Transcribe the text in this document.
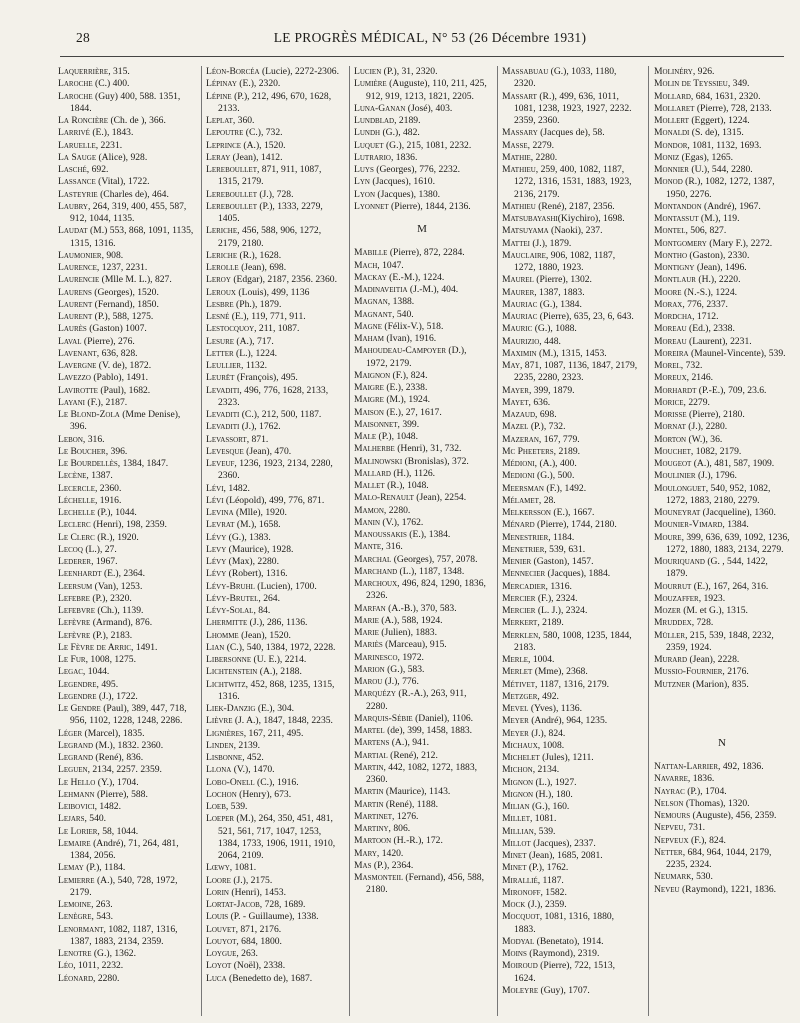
28	LE PROGRÈS MÉDICAL, N° 53 (26 Décembre 1931)

Laquerrière, 315.

Laroche (C.) 400.

Laroche (Guy) 400, 588. 1351, 1844.

La Roncière (Ch. de ), 366.

Larrivé (E.), 1843.

Laruelle, 2231.

La Sauge (Alice), 928.

Lasché, 692.

Lassance (Vital), 1722.

Lasteyrie (Charles de), 464.

Laubry, 264, 319, 400, 455, 587, 912, 1044, 1135.

Laudat (M.) 553, 868, 1091, 1135, 1315, 1316.

Laumonier, 908.

Laurence, 1237, 2231.

Laurencie (Mlle M. L.), 827.

Laurens (Georges), 1520.

Laurent (Fernand), 1850.

Laurent (P.), 588, 1275.

Laurès (Gaston) 1007.

Laval (Pierre), 276.

Lavenant, 636, 828.

Lavergne (V. de), 1872.

Lavezzo (Pablo), 1491.

Lavirotte (Paul), 1682.

Layani (F.), 2187.

Le Blond-Zola (Mme Denise), 396.

Lebon, 316.

Le Boucher, 396.

Le Bourdellès, 1384, 1847.

Lecène, 1387.

Lecercle, 2360.

Léchelle, 1916.

Lechelle (P.), 1044.

Leclerc (Henri), 198, 2359.

Le Clerc (R.), 1920.

Lecoq (L.), 27.

Lederer, 1967.

Leenhardt (E.), 2364.

Leersum (Van), 1253.

Lefebre (P.), 2320.

Lefebvre (Ch.), 1139.

Lefèvre (Armand), 876.

Lefèvre (P.), 2183.

Le Fèvre de Arric, 1491.

Le Fur, 1008, 1275.

Legac, 1044.

Legendre, 495.

Legendre (J.), 1722.

Le Gendre (Paul), 389, 447, 718, 956, 1102, 1228, 1248, 2286.

Léger (Marcel), 1835.

Legrand (M.), 1832. 2360.

Legrand (René), 836.

Leguen, 2134, 2257. 2359.

Le Hello (Y.), 1704.

Lehmann (Pierre), 588.

Leibovici, 1482.

Lejars, 540.

Le Lorier, 58, 1044.

Lemaire (André), 71, 264, 481, 1384, 2056.

Lemay (P.), 1184.

Lemierre (A.), 540, 728, 1972, 2179.

Lemoine, 263.

Lenègre, 543.

Lenormant, 1082, 1187, 1316, 1387, 1883, 2134, 2359.

Lenotre (G.), 1362.

Léo, 1011, 2232.

Léonard, 2280.

Léon-Borcéa (Lucie), 2272-2306.

Lépinay (E.), 2320.

Lépine (P.), 212, 496, 670, 1628, 2133.

Leplat, 360.

Lepoutre (C.), 732.

Leprince (A.), 1520.

Leray (Jean), 1412.

Lereboullet, 871, 911, 1087, 1315, 2179.

Lereboullet (J.), 728.

Lereboullet (P.), 1333, 2279, 1405.

Leriche, 456, 588, 906, 1272, 2179, 2180.

Leriche (R.), 1628.

Lerolle (Jean), 698.

Leroy (Edgar), 2187, 2356. 2360.

Leroux (Louis), 499, 1136

Lesbre (Ph.), 1879.

Lesné (E.), 119, 771, 911.

Lestocquoy, 211, 1087.

Lesure (A.), 717.

Letter (L.), 1224.

Leullier, 1132.

Leurët (François), 495.

Levaditi, 496, 776, 1628, 2133, 2323.

Levaditi (C.), 212, 500, 1187.

Levaditi (J.), 1762.

Levassort, 871.

Levesque (Jean), 470.

Leveuf, 1236, 1923, 2134, 2280, 2360.

Lévi, 1482.

Lévi (Léopold), 499, 776, 871.

Levina (Mlle), 1920.

Levrat (M.), 1658.

Lévy (G.), 1383.

Levy (Maurice), 1928.

Lévy (Max), 2280.

Lévy (Robert), 1316.

Lévy-Bruhl (Lucien), 1700.

Lévy-Brutel, 264.

Lévy-Solal, 84.

Lhermitte (J.), 286, 1136.

Lhomme (Jean), 1520.

Lian (C.), 540, 1384, 1972, 2228.

Libersonne (U. E.), 2214.

Lichtenstein (A.), 2188.

Lichtwitz, 452, 868, 1235, 1315, 1316.

Liek-Danzig (E.), 304.

Lièvre (J. A.), 1847, 1848, 2235.

Lignières, 167, 211, 495.

Linden, 2139.

Lisbonne, 452.

Llona (V.), 1470.

Lobo-Onell (C.), 1916.

Lochon (Henry), 673.

Loeb, 539.

Loeper (M.), 264, 350, 451, 481, 521, 561, 717, 1047, 1253, 1384, 1733, 1906, 1911, 1910, 2064, 2109.

Lœwy, 1081.

Loore (J.), 2175.

Lorin (Henri), 1453.

Lortat-Jacob, 728, 1689.

Louis (P. - Guillaume), 1338.

Louvet, 871, 2176.

Louyot, 684, 1800.

Loygue, 263.

Loyot (Noël), 2338.

Luca (Benedetto de), 1687.

Lucien (P.), 31, 2320.

Lumière (Auguste), 110, 211, 425, 912, 919, 1213, 1821, 2205.

Luna-Ganan (José), 403.

Lundblad, 2189.

Lundh (G.), 482.

Luquet (G.), 215, 1081, 2232.

Lutrario, 1836.

Luys (Georges), 776, 2232.

Lyn (Jacques), 1610.

Lyon (Jacques), 1380.

Lyonnet (Pierre), 1844, 2136.

M

Mabille (Pierre), 872, 2284.

Mach, 1047.

Mackay (E.-M.), 1224.

Madinaveitia (J.-M.), 404.

Magnan, 1388.

Magnant, 540.

Magne (Félix-V.), 518.

Maham (Ivan), 1916.

Mahoudeau-Campoyer (D.), 1972, 2179.

Maignon (F.), 824.

Maigre (E.), 2338.

Maigre (M.), 1924.

Maison (E.), 27, 1617.

Maisonnet, 399.

Male (P.), 1048.

Malherbe (Henri), 31, 732.

Malinowski (Bronislas), 372.

Mallard (H.), 1126.

Mallet (R.), 1048.

Malo-Renault (Jean), 2254.

Mamon, 2280.

Manin (V.), 1762.

Manoussakis (E.), 1384.

Mante, 316.

Marchal (Georges), 757, 2078.

Marchand (L.), 1187, 1348.

Marchoux, 496, 824, 1290, 1836, 2326.

Marfan (A.-B.), 370, 583.

Marie (A.), 588, 1924.

Marie (Julien), 1883.

Mariès (Marceau), 915.

Marinesco, 1972.

Marion (G.), 583.

Marou (J.), 776.

Marquézy (R.-A.), 263, 911, 2280.

Marquis-Sébie (Daniel), 1106.

Martel (de), 399, 1458, 1883.

Martens (A.), 941.

Martial (René), 212.

Martin, 442, 1082, 1272, 1883, 2360.

Martin (Maurice), 1143.

Martin (René), 1188.

Martinet, 1276.

Martiny, 806.

Martoon (H.-R.), 172.

Mary, 1420.

Mas (P.), 2364.

Masmonteil (Fernand), 456, 588, 2180.

Massabuau (G.), 1033, 1180, 2320.

Massart (R.), 499, 636, 1011, 1081, 1238, 1923, 1927, 2232. 2359, 2360.

Massary (Jacques de), 58.

Masse, 2279.

Mathie, 2280.

Mathieu, 259, 400, 1082, 1187, 1272, 1316, 1531, 1883, 1923, 2136, 2179.

Mathieu (René), 2187, 2356.

Matsubayashi(Kiychiro), 1698.

Matsuyama (Naoki), 237.

Mattei (J.), 1879.

Mauclaire, 906, 1082, 1187, 1272, 1880, 1923.

Maurel (Pierre), 1302.

Maurer, 1387, 1883.

Mauriac (G.), 1384.

Mauriac (Pierre), 635, 23, 6, 643.

Mauric (G.), 1088.

Maurizio, 448.

Maximin (M.), 1315, 1453.

May, 871, 1087, 1136, 1847, 2179, 2235, 2280, 2323.

Mayer, 399, 1879.

Mayet, 636.

Mazaud, 698.

Mazel (P.), 732.

Mazeran, 167, 779.

Mc Pheeters, 2189.

Médioni, (A.), 400.

Medioni (G.), 500.

Meersman (F.), 1492.

Mélamet, 28.

Melkersson (E.), 1667.

Ménard (Pierre), 1744, 2180.

Menestrier, 1184.

Menetrier, 539, 631.

Menier (Gaston), 1457.

Mennecier (Jacques), 1884.

Mercadier, 1316.

Mercier (F.), 2324.

Mercier (L. J.), 2324.

Merkert, 2189.

Merklen, 580, 1008, 1235, 1844, 2183.

Merle, 1004.

Merlet (Mme), 2368.

Métivet, 1187, 1316, 2179.

Metzger, 492.

Mevel (Yves), 1136.

Meyer (André), 964, 1235.

Meyer (J.), 824.

Michaux, 1008.

Michelet (Jules), 1211.

Michon, 2134.

Mignon (L.), 1927.

Mignon (H.), 180.

Milian (G.), 160.

Millet, 1081.

Millian, 539.

Millot (Jacques), 2337.

Minet (Jean), 1685, 2081.

Minet (P.), 1762.

Mirallié, 1187.

Mironoff, 1582.

Mock (J.), 2359.

Mocquot, 1081, 1316, 1880, 1883.

Modyal (Benetato), 1914.

Moins (Raymond), 2319.

Moiroud (Pierre), 722, 1513, 1624.

Moleyre (Guy), 1707.

Molinéry, 926.

Molin de Teyssieu, 349.

Mollard, 684, 1631, 2320.

Mollaret (Pierre), 728, 2133.

Mollert (Eggert), 1224.

Monaldi (S. de), 1315.

Mondor, 1081, 1132, 1693.

Moniz (Egas), 1265.

Monnier (U.), 544, 2280.

Monod (R.), 1082, 1272, 1387, 1950, 2276.

Montandon (André), 1967.

Montassut (M.), 119.

Montel, 506, 827.

Montgomery (Mary F.), 2272.

Montho (Gaston), 2330.

Montigny (Jean), 1496.

Montlaur (H.), 2220.

Moore (N.-S.), 1224.

Morax, 776, 2337.

Mordcha, 1712.

Moreau (Ed.), 2338.

Moreau (Laurent), 2231.

Moreira (Maunel-Vincente), 539.

Morel, 732.

Moreux, 2146.

Morhardt (P.-E.), 709, 23.6.

Morice, 2279.

Morisse (Pierre), 2180.

Mornat (J.), 2280.

Morton (W.), 36.

Mouchet, 1082, 2179.

Mougeot (A.), 481, 587, 1909.

Moulinier (J.), 1796.

Moulonguet, 540, 952, 1082, 1272, 1883, 2180, 2279.

Mouneyrat (Jacqueline), 1360.

Mounier-Vimard, 1384.

Moure, 399, 636, 639, 1092, 1236, 1272, 1880, 1883, 2134, 2279.

Mouriquand (G. , 544, 1422, 1879.

Mourrut (E.), 167, 264, 316.

Mouzaffer, 1923.

Mozer (M. et G.), 1315.

Mruddex, 728.

Müller, 215, 539, 1848, 2232, 2359, 1924.

Murard (Jean), 2228.

Mussio-Fournier, 2176.

Mutzner (Marion), 835.

N

Nattan-Larrier, 492, 1836.

Navarre, 1836.

Nayrac (P.), 1704.

Nelson (Thomas), 1320.

Nemours (Auguste), 456, 2359.

Nepveu, 731.

Nepveux (F.), 824.

Netter, 684, 964, 1044, 2179, 2235, 2324.

Neumark, 530.

Neveu (Raymond), 1221, 1836.
